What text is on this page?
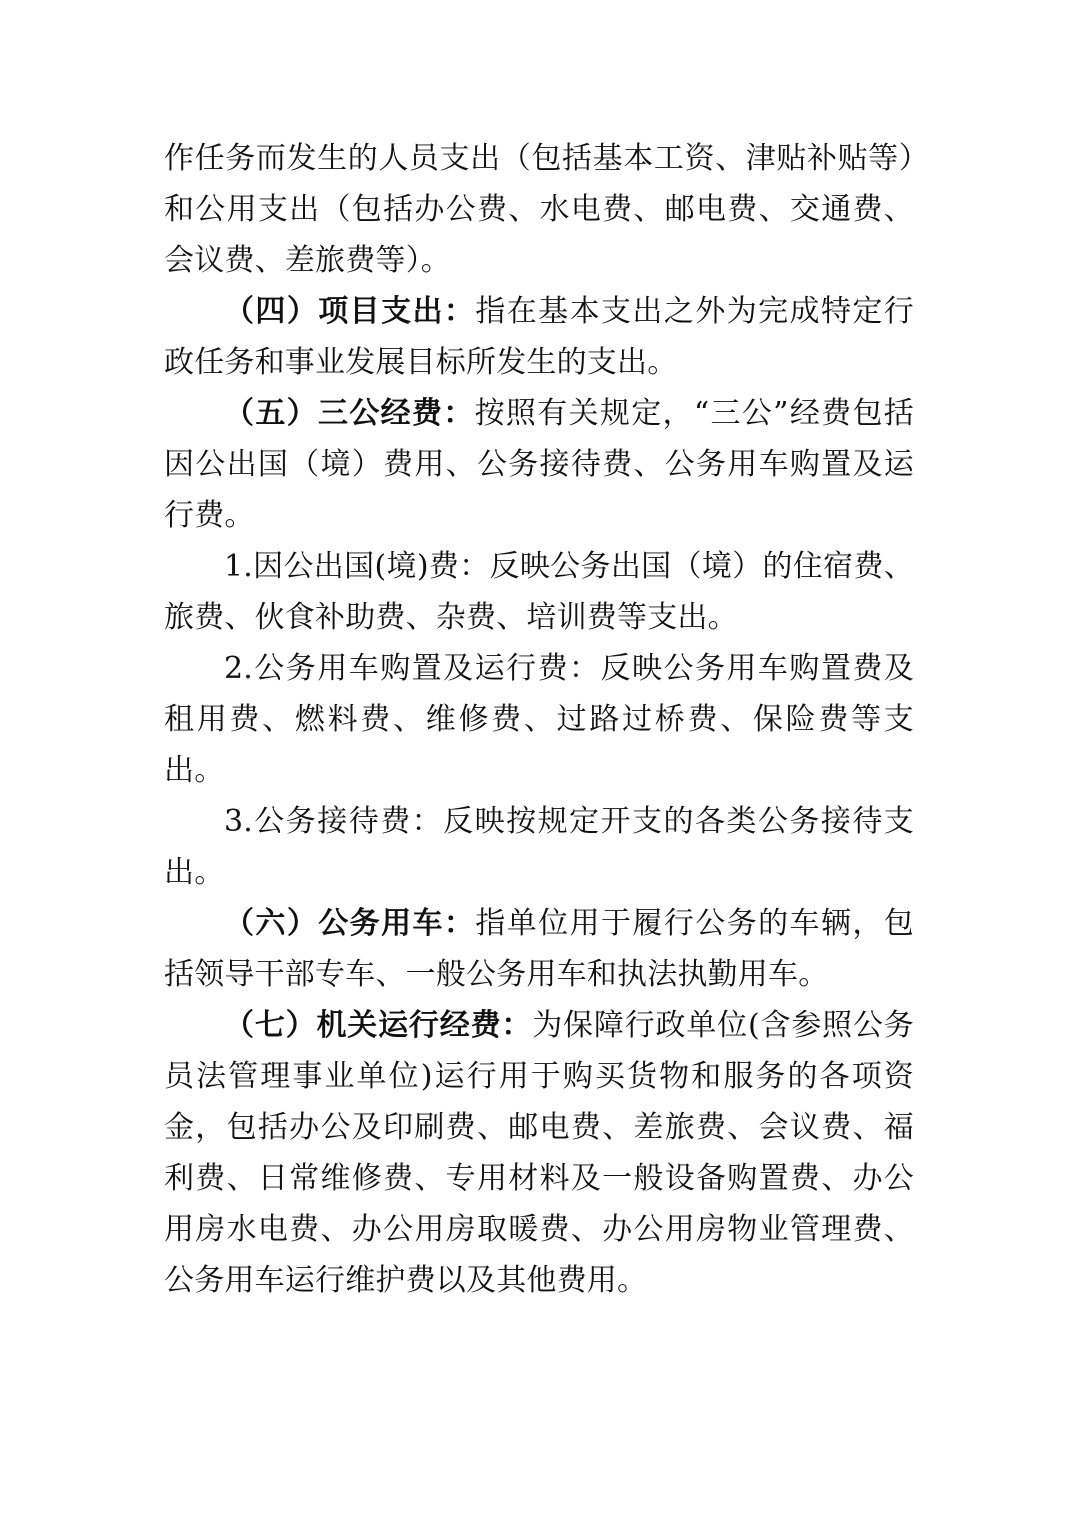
作任务而发生的人员支出（包括基本工资、津贴补贴等）和公用支出（包括办公费、水电费、邮电费、交通费、会议费、差旅费等）。

（四）项目支出：指在基本支出之外为完成特定行政任务和事业发展目标所发生的支出。

（五）三公经费：按照有关规定，“三公”经费包括因公出国（境）费用、公务接待费、公务用车购置及运行费。

1.因公出国(境)费：反映公务出国（境）的住宿费、旅费、伙食补助费、杂费、培训费等支出。

2.公务用车购置及运行费：反映公务用车购置费及租用费、燃料费、维修费、过路过桥费、保险费等支出。

3.公务接待费：反映按规定开支的各类公务接待支出。

（六）公务用车：指单位用于履行公务的车辆，包括领导干部专车、一般公务用车和执法执勤用车。

（七）机关运行经费：为保障行政单位(含参照公务员法管理事业单位)运行用于购买货物和服务的各项资金，包括办公及印刷费、邮电费、差旅费、会议费、福利费、日常维修费、专用材料及一般设备购置费、办公用房水电费、办公用房取暖费、办公用房物业管理费、公务用车运行维护费以及其他费用。
